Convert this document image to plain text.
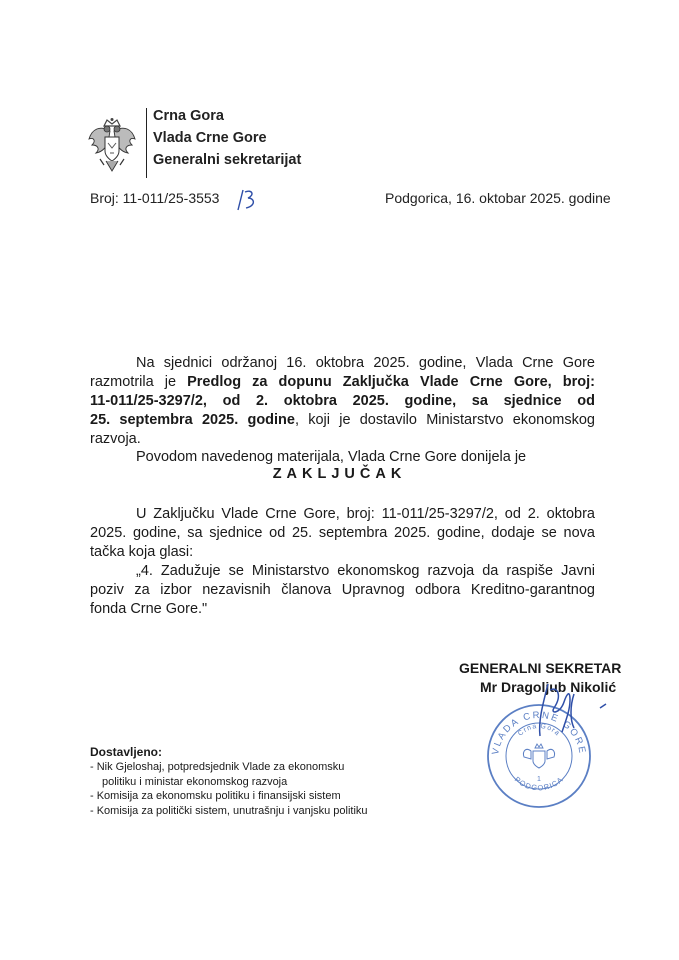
Crna Gora
Vlada Crne Gore
Generalni sekretarijat
Broj: 11-011/25-3553	Podgorica, 16. oktobar 2025. godine
Na sjednici održanoj 16. oktobra 2025. godine, Vlada Crne Gore
razmotrila je Predlog za dopunu Zaključka Vlade Crne Gore, broj:
11-011/25-3297/2, od 2. oktobra 2025. godine, sa sjednice od
25. septembra 2025. godine, koji je dostavilo Ministarstvo ekonomskog
razvoja.
Povodom navedenog materijala, Vlada Crne Gore donijela je
ZAKLJUČAK
U Zaključku Vlade Crne Gore, broj: 11-011/25-3297/2, od 2. oktobra
2025. godine, sa sjednice od 25. septembra 2025. godine, dodaje se nova
tačka koja glasi:
„4. Zadužuje se Ministarstvo ekonomskog razvoja da raspiše Javni
poziv za izbor nezavisnih članova Upravnog odbora Kreditno-garantnog
fonda Crne Gore."
GENERALNI SEKRETAR
Mr Dragoljub Nikolić
VLADA CRNE GORE
Crna Gora
PODGORICA
1
Dostavljeno:
- Nik Gjeloshaj, potpredsjednik Vlade za ekonomsku
politiku i ministar ekonomskog razvoja
- Komisija za ekonomsku politiku i finansijski sistem
- Komisija za politički sistem, unutrašnju i vanjsku politiku
